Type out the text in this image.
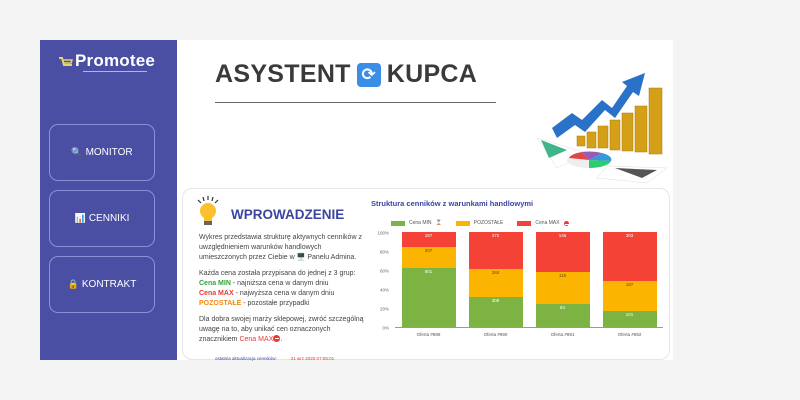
Promotee
🔍 MONITOR
📊 CENNIKI
🔒 KONTRAKT
ASYSTENT ⟳ KUPCA
WPROWADZENIE

Wykres przedstawia strukturę aktywnych cenników z uwzględnieniem warunków handlowych umieszczonych przez Ciebie w 🖥️ Panelu Admina.

Każda cena została przypisana do jednej z 3 grup:
Cena MIN - najniższa cena w danym dniu
Cena MAX - najwyższa cena w danym dniu
POZOSTAŁE - pozostałe przypadki

Dla dobra swojej marży sklepowej, zwróć szczególną uwagę na to, aby unikać cen oznaczonych znacznikiem Cena MAX .

ostatnia aktualizacja cenników:	21 wrz 2025 07:55:01
Struktura cenników z warunkami handlowymi
Cena MIN ⏳	POZOSTAŁE	Cena MAX
0%
20%
40%
60%
80%
100%
601
207
157
308
284
372
84
115
146
101
187
303
Oferta #889	Oferta #890	Oferta #891	Oferta #892
